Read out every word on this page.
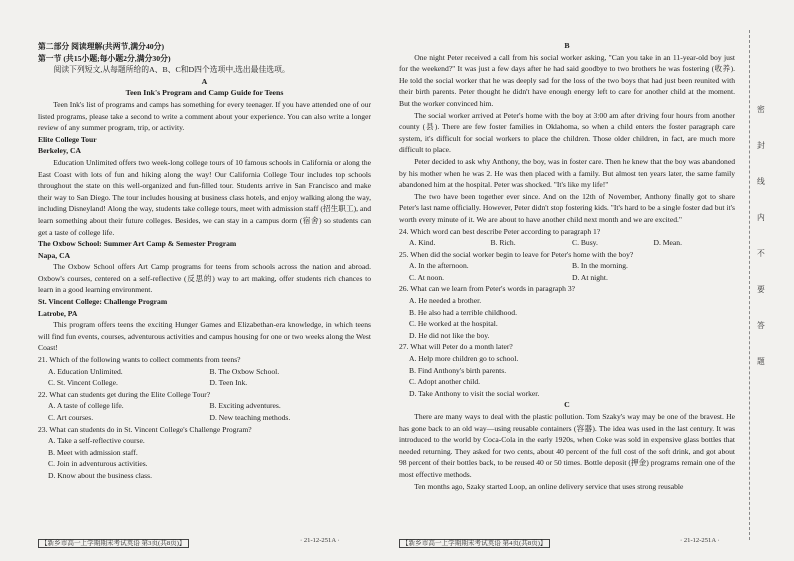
第二部分 阅读理解(共两节,满分40分)
第一节 (共15小题;每小题2分,满分30分)
阅读下列短文,从每题所给的A、B、C和D四个选项中,选出最佳选项。
A
Teen Ink's Program and Camp Guide for Teens

Teen Ink's list of programs and camps has something for every teenager. If you have attended one of our listed programs, please take a second to write a comment about your experience. You can also write a longer review of any summer program, trip, or activity.

Elite College Tour
Berkeley, CA

Education Unlimited offers two week-long college tours of 10 famous schools in California or along the East Coast with lots of fun and hiking along the way! Our California College Tour includes top schools throughout the state on this well-organized and fun-filled tour. Students arrive in San Francisco and make their way to San Diego. The tour includes housing at business class hotels, and enjoy walking along the way, including Disneyland! Along the way, students take college tours, meet with admission staff (招生职工), and learn something about their future colleges. Besides, we can stay in a campus dorm (宿舍) so students can get a taste of college life.

The Oxbow School: Summer Art Camp & Semester Program
Napa, CA

The Oxbow School offers Art Camp programs for teens from schools across the nation and abroad. Oxbow's courses, centered on a self-reflective (反思的) way to art making, offer students rich chances to learn in a good learning environment.

St. Vincent College: Challenge Program
Latrobe, PA

This program offers teens the exciting Hunger Games and Elizabethan-era knowledge, in which teens will find fun events, courses, adventurous activities and campus housing for one or two weeks along the West Coast!

21. Which of the following wants to collect comments from teens?
A. Education Unlimited.	B. The Oxbow School.
C. St. Vincent College.	D. Teen Ink.
22. What can students get during the Elite College Tour?
A. A taste of college life.	B. Exciting adventures.
C. Art courses.	D. New teaching methods.
23. What can students do in St. Vincent College's Challenge Program?
A. Take a self-reflective course.
B. Meet with admission staff.
C. Join in adventurous activities.
D. Know about the business class.
【新乡市高一上学期期末考试英语 第3页(共8页)】	· 21-12-251A ·
B

One night Peter received a call from his social worker asking, "Can you take in an 11-year-old boy just for the weekend?" It was just a few days after he had said goodbye to two brothers he was fostering (收养). He told the social worker that he was deeply sad for the loss of the two boys that had just been reunited with their birth parents. Peter thought he didn't have enough energy left to care for another child at the moment. But the worker convinced him.

The social worker arrived at Peter's home with the boy at 3:00 am after driving four hours from another county (县). There are few foster families in Oklahoma, so when a child enters the foster paragraph care system, it's difficult for social workers to place the children. Those older children, in fact, are much more difficult to place.

Peter decided to ask why Anthony, the boy, was in foster care. Then he knew that the boy was abandoned by his mother when he was 2. He was then placed with a family. But almost ten years later, the same family abandoned him at the hospital. Peter was shocked. "It's like my life!"

The two have been together ever since. And on the 12th of November, Anthony finally got to share Peter's last name officially. However, Peter didn't stop fostering kids. "It's hard to be a single foster dad but it's worth every minute of it. We are about to have another child next month and we are excited."

24. Which word can best describe Peter according to paragraph 1?
A. Kind.	B. Rich.	C. Busy.	D. Mean.
25. When did the social worker begin to leave for Peter's home with the boy?
A. In the afternoon.	B. In the morning.
C. At noon.	D. At night.
26. What can we learn from Peter's words in paragraph 3?
A. He needed a brother.
B. He also had a terrible childhood.
C. He worked at the hospital.
D. He did not like the boy.
27. What will Peter do a month later?
A. Help more children go to school.
B. Find Anthony's birth parents.
C. Adopt another child.
D. Take Anthony to visit the social worker.
C

There are many ways to deal with the plastic pollution. Tom Szaky's way may be one of the bravest. He has gone back to an old way—using reusable containers (容器). The idea was used in the last century. It was introduced to the world by Coca-Cola in the early 1920s, when Coke was sold in expensive glass bottles that needed returning. They asked for two cents, about 40 percent of the full cost of the soft drink, and got about 98 percent of their bottles back, to be reused 40 or 50 times. Bottle deposit (押金) programs remain one of the most effective methods.

Ten months ago, Szaky started Loop, an online delivery service that uses strong reusable

【新乡市高一上学期期末考试英语 第4页(共8页)】	· 21-12-251A ·
密
封
线
内
不
要
答
题
